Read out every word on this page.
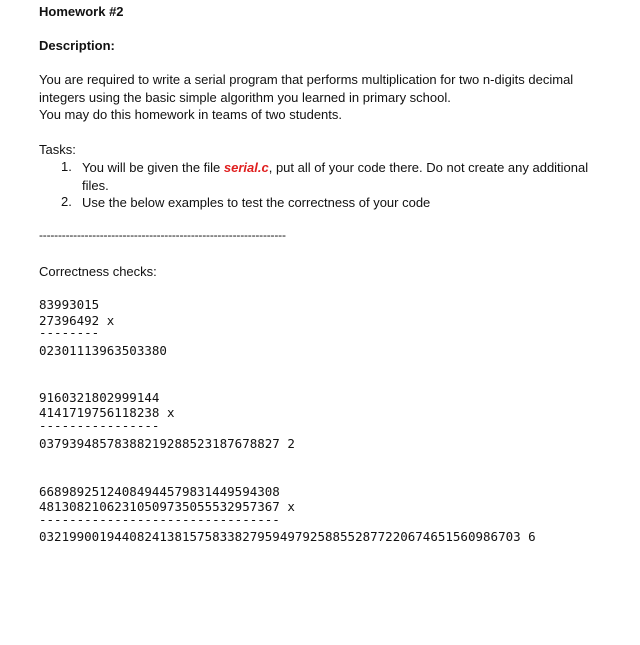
Homework #2
Description:
You are required to write a serial program that performs multiplication for two n-digits decimal
integers using the basic simple algorithm you learned in primary school.
You may do this homework in teams of two students.
Tasks:
1. You will be given the file serial.c, put all of your code there. Do not create any additional
files.
2. Use the below examples to test the correctness of your code
-----------------------------------------------------------------
Correctness checks:
83993015
27396492 x
--------
02301113963503380
9160321802999144
4141719756118238 x
----------------
03793948578388219288523187678827 2
66898925124084944579831449594308
48130821062310509735055532957367 x
--------------------------------
0321990019440824138157583382795949792588552877220674651560986703 6
